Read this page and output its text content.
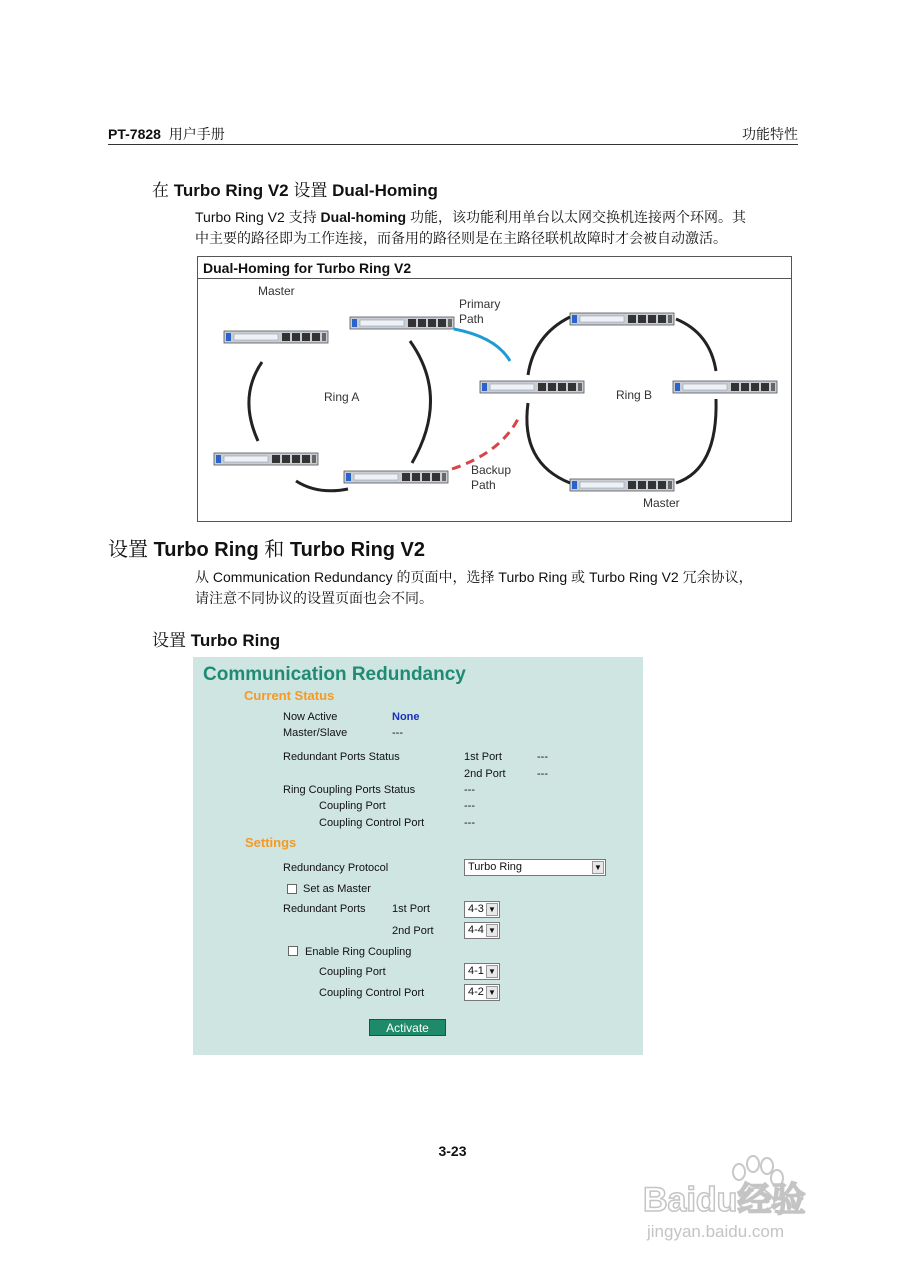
PT-7828 用户手册	功能特性
在 Turbo Ring V2 设置 Dual-Homing
Turbo Ring V2 支持 Dual-homing 功能，该功能利用单台以太网交换机连接两个环网。其
中主要的路径即为工作连接，而备用的路径则是在主路径联机故障时才会被自动激活。
Dual-Homing for Turbo Ring V2
Master
Primary
Path
Ring A	Ring B
Backup
Path
Master
设置 Turbo Ring 和 Turbo Ring V2
从 Communication Redundancy 的页面中，选择 Turbo Ring 或 Turbo Ring V2 冗余协议，
请注意不同协议的设置页面也会不同。
设置 Turbo Ring
Communication Redundancy
Current Status
Now Active	None
Master/Slave	---
Redundant Ports Status	1st Port	---
2nd Port	---
Ring Coupling Ports Status	---
Coupling Port	---
Coupling Control Port	---
Settings
Redundancy Protocol	Turbo Ring	▼
Set as Master
Redundant Ports 1st Port	4-3 ▼
2nd Port	4-4 ▼
Enable Ring Coupling
Coupling Port	4-1 ▼
Coupling Control Port	4-2 ▼
Activate
3-23
Baidu经验
jingyan.baidu.com
